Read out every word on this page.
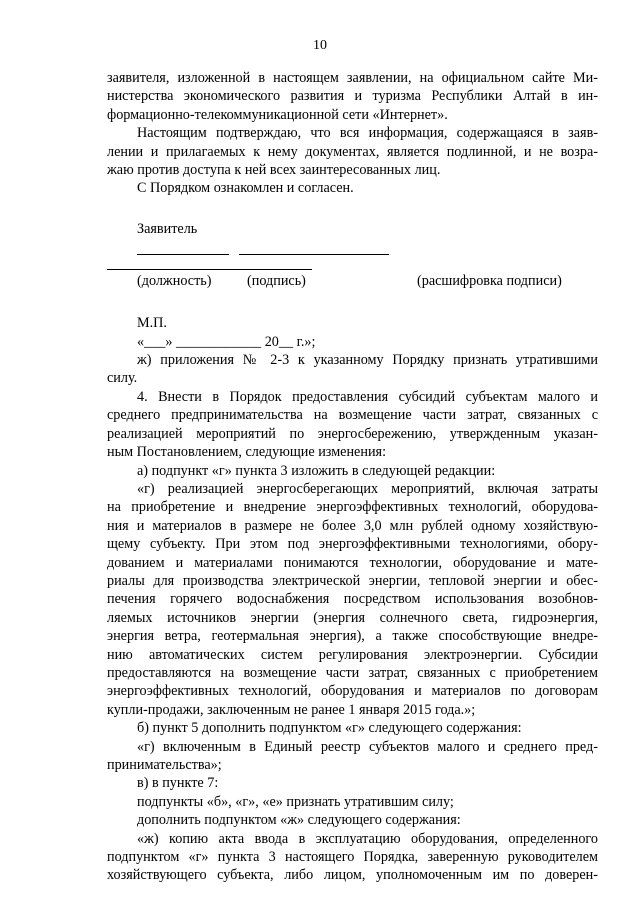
10
заявителя, изложенной в настоящем заявлении, на официальном сайте Ми-
нистерства экономического развития и туризма Республики Алтай в ин-
формационно-телекоммуникационной сети «Интернет».
Настоящим подтверждаю, что вся информация, содержащаяся в заяв-
лении и прилагаемых к нему документах, является подлинной, и не возра-
жаю против доступа к ней всех заинтересованных лиц.
С Порядком ознакомлен и согласен.
Заявитель
(должность)	(подпись)	(расшифровка подписи)
М.П.
«___» ____________ 20__ г.»;
ж) приложения № 2-3 к указанному Порядку признать утратившими
силу.
4. Внести в Порядок предоставления субсидий субъектам малого и
среднего предпринимательства на возмещение части затрат, связанных с
реализацией мероприятий по энергосбережению, утвержденным указан-
ным Постановлением, следующие изменения:
а) подпункт «г» пункта 3 изложить в следующей редакции:
«г) реализацией энергосберегающих мероприятий, включая затраты
на приобретение и внедрение энергоэффективных технологий, оборудова-
ния и материалов в размере не более 3,0 млн рублей одному хозяйствую-
щему субъекту. При этом под энергоэффективными технологиями, обору-
дованием и материалами понимаются технологии, оборудование и мате-
риалы для производства электрической энергии, тепловой энергии и обес-
печения горячего водоснабжения посредством использования возобнов-
ляемых источников энергии (энергия солнечного света, гидроэнергия,
энергия ветра, геотермальная энергия), а также способствующие внедре-
нию автоматических систем регулирования электроэнергии. Субсидии
предоставляются на возмещение части затрат, связанных с приобретением
энергоэффективных технологий, оборудования и материалов по договорам
купли-продажи, заключенным не ранее 1 января 2015 года.»;
б) пункт 5 дополнить подпунктом «г» следующего содержания:
«г) включенным в Единый реестр субъектов малого и среднего пред-
принимательства»;
в) в пункте 7:
подпункты «б», «г», «е» признать утратившим силу;
дополнить подпунктом «ж» следующего содержания:
«ж) копию акта ввода в эксплуатацию оборудования, определенного
подпунктом «г» пункта 3 настоящего Порядка, заверенную руководителем
хозяйствующего субъекта, либо лицом, уполномоченным им по доверен-
